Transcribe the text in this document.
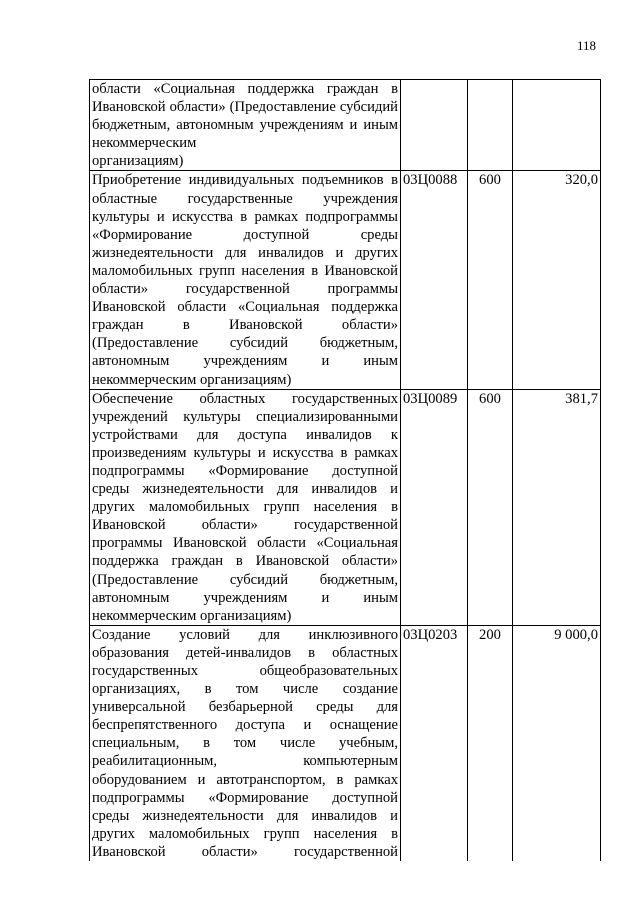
118
области «Социальная поддержка граждан в Ивановской области» (Предоставление субсидий бюджетным, автономным учреждениям и иным некоммерческим
организациям)			

Приобретение индивидуальных подъемников в областные государственные учреждения культуры и искусства в рамках подпрограммы «Формирование доступной среды жизнедеятельности для инвалидов и других маломобильных групп населения в Ивановской области» государственной программы Ивановской области «Социальная поддержка граждан в Ивановской области» (Предоставление субсидий бюджетным, автономным учреждениям и иным
некоммерческим организациям)	03Ц0088	600	320,0
Обеспечение областных государственных учреждений культуры специализированными устройствами для доступа инвалидов к произведениям культуры и искусства в рамках подпрограммы «Формирование доступной среды жизнедеятельности для инвалидов и других маломобильных групп населения в Ивановской области» государственной программы Ивановской области «Социальная поддержка граждан в Ивановской области» (Предоставление субсидий бюджетным, автономным учреждениям и иным
некоммерческим организациям)	03Ц0089	600	381,7
Создание условий для инклюзивного образования детей-инвалидов в областных государственных общеобразовательных организациях, в том числе создание универсальной безбарьерной среды для беспрепятственного доступа и оснащение специальным, в том числе учебным, реабилитационным, компьютерным оборудованием и автотранспортом, в рамках подпрограммы «Формирование доступной среды жизнедеятельности для инвалидов и других маломобильных групп населения в Ивановской области» государственной	03Ц0203	200	9 000,0
